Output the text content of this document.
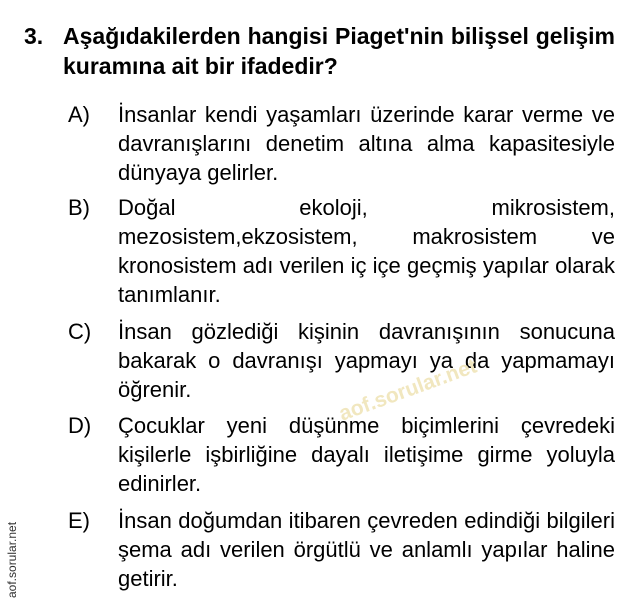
3. Aşağıdakilerden hangisi Piaget'nin bilişsel gelişim kuramına ait bir ifadedir?
A) İnsanlar kendi yaşamları üzerinde karar verme ve davranışlarını denetim altına alma kapasitesiyle dünyaya gelirler.
B) Doğal ekoloji, mikrosistem, mezosistem,ekzosistem, makrosistem ve kronosistem adı verilen iç içe geçmiş yapılar olarak tanımlanır.
C) İnsan gözlediği kişinin davranışının sonucuna bakarak o davranışı yapmayı ya da yapmamayı öğrenir.
D) Çocuklar yeni düşünme biçimlerini çevredeki kişilerle işbirliğine dayalı iletişime girme yoluyla edinirler.
E) İnsan doğumdan itibaren çevreden edindiği bilgileri şema adı verilen örgütlü ve anlamlı yapılar haline getirir.
aof.sorular.net
aof.sorular.net
